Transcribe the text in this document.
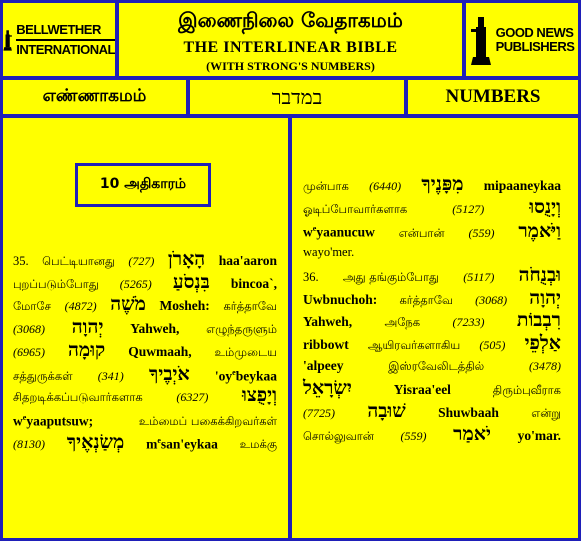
BELLWETHER
INTERNATIONAL
இணைநிலை வேதாகமம்
THE INTERLINEAR BIBLE
(WITH STRONG'S NUMBERS)
GOOD NEWS
PUBLISHERS
எண்ணாகமம்	במדבר	NUMBERS
10 அதிகாரம்
35. பெட்டியானது (727) הָאָרֹן haa'aaron
புறப்படும்போது (5265) בִּנְסֹעַ bincoa`,
மோசே (4872) מֹשֶׁה Mosheh: கர்த்தாவே
(3068) יְהוָה Yahweh, எழுந்தருளும்
(6965) קוּמָה Quwmaah, உம்முடைய
சத்துருக்கள் (341) אֹיְבֶיךָ '$oy^ebeykaa$
சிதறடிக்கப்படுவார்களாக	(6327) וְיָפֻצוּ
$w^eyaaputsuw$;	உம்மைப் பகைக்கிறவர்கள்
(8130) מְשַׂנְאֶיךָ $m^esan'eykaa$ உமக்கு
முன்பாக (6440) מִפָּנֶיךָ mipaaneykaa
ஓடிப்போவார்களாக	(5127) וְיָנֻסוּ
$w^eyaanucuw$ என்பான் (559) וַיֹּאמֶר
wayo'mer.
36. அது தங்கும்போது (5117) וּבְנֻחֹה
Uwbnuchoh: கர்த்தாவே (3068) יְהוָה
Yahweh,	அநேக	(7233) רִבְבוֹת
ribbowt ஆயிரவர்களாகிய (505) אַלְפֵי
'alpeey	இஸ்ரவேலிடத்தில்	(3478)
יִשְׂרָאֵל	Yisraa'eel	திரும்புவீராக
(7725) שׁוּבָה Shuwbaah	என்று
சொல்லுவான் (559) יֹאמַר yo'mar.
